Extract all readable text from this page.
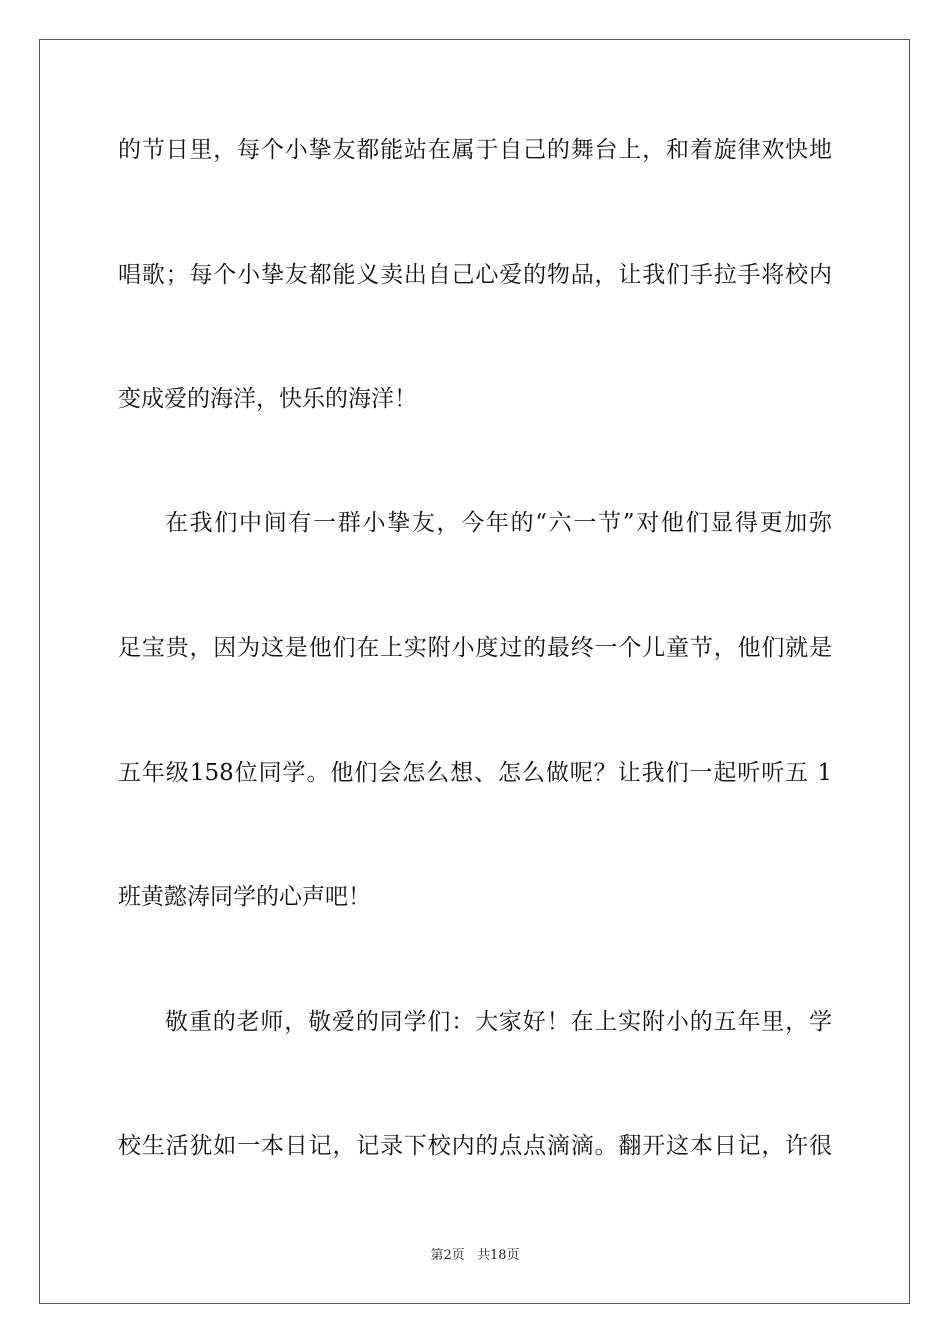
的节日里，每个小挚友都能站在属于自己的舞台上，和着旋律欢快地
唱歌；每个小挚友都能义卖出自己心爱的物品，让我们手拉手将校内
变成爱的海洋，快乐的海洋！
在我们中间有一群小挚友，今年的“六一节”对他们显得更加弥
足宝贵，因为这是他们在上实附小度过的最终一个儿童节，他们就是
五年级158位同学。他们会怎么想、怎么做呢？让我们一起听听五 1
班黄懿涛同学的心声吧！
敬重的老师，敬爱的同学们：大家好！在上实附小的五年里，学
校生活犹如一本日记，记录下校内的点点滴滴。翻开这本日记，许很
第2页 共18页
